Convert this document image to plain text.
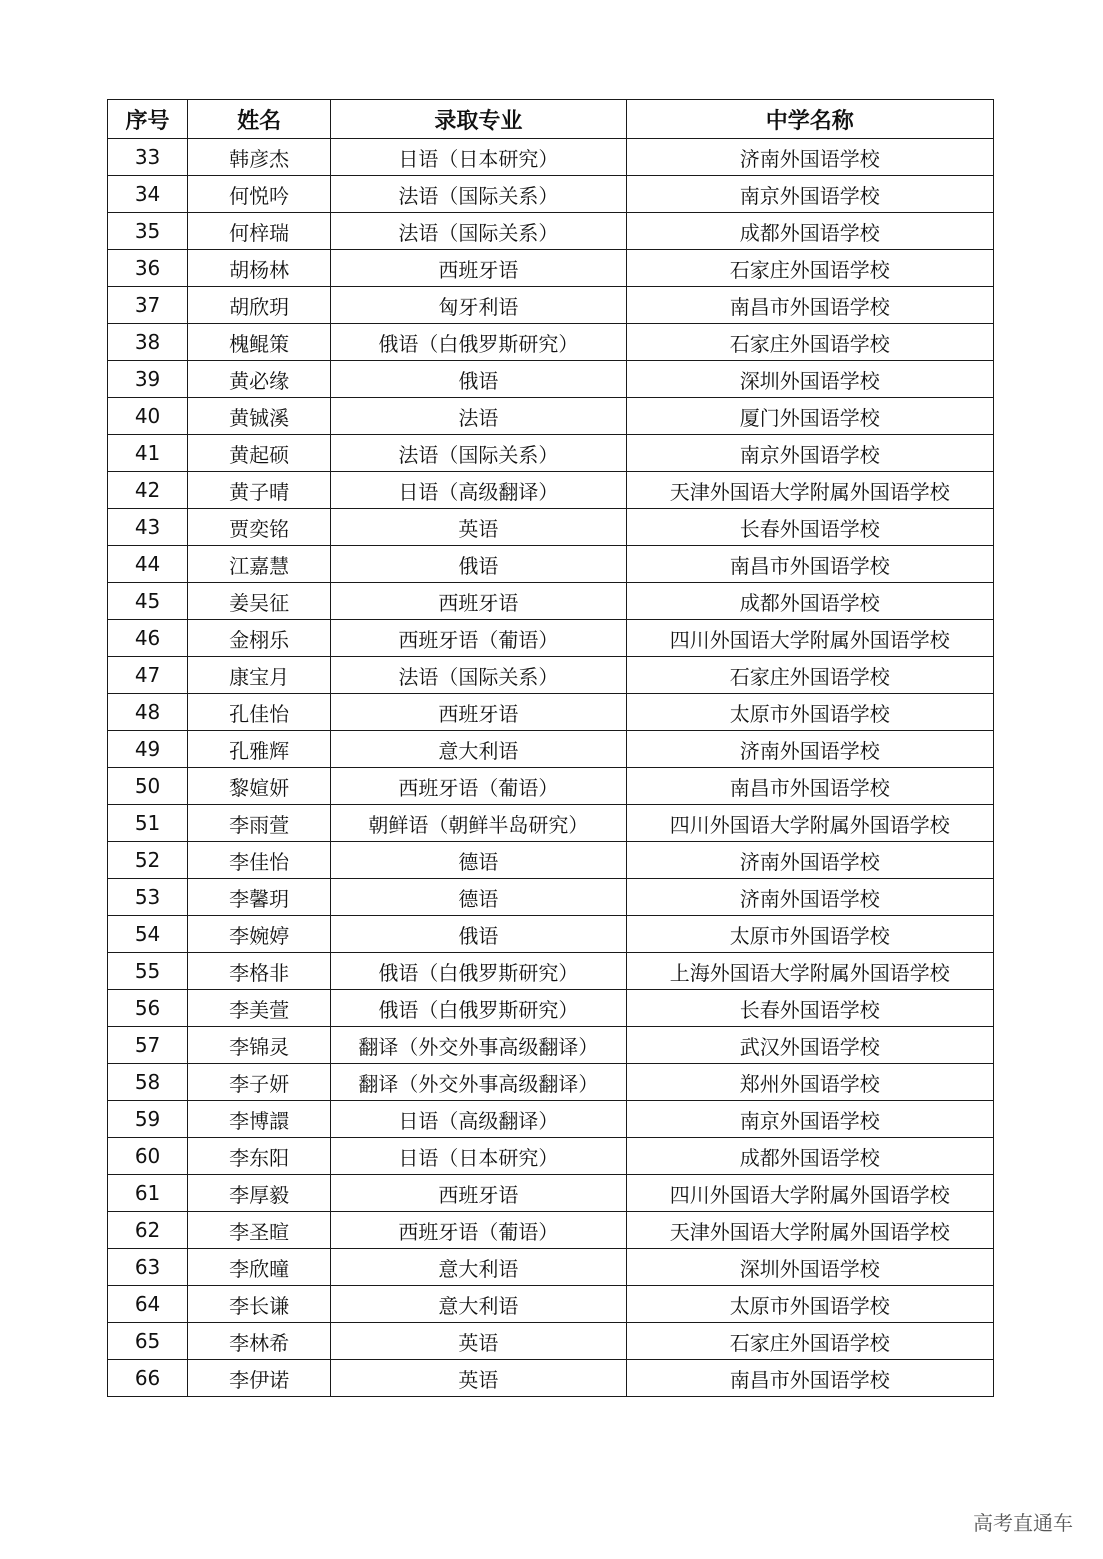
序号	姓名	录取专业	中学名称
33	韩彦杰	日语（日本研究）	济南外国语学校
34	何悦吟	法语（国际关系）	南京外国语学校
35	何梓瑞	法语（国际关系）	成都外国语学校
36	胡杨林	西班牙语	石家庄外国语学校
37	胡欣玥	匈牙利语	南昌市外国语学校
38	槐鲲策	俄语（白俄罗斯研究）	石家庄外国语学校
39	黄必缘	俄语	深圳外国语学校
40	黄铖溪	法语	厦门外国语学校
41	黄起硕	法语（国际关系）	南京外国语学校
42	黄子晴	日语（高级翻译）	天津外国语大学附属外国语学校
43	贾奕铭	英语	长春外国语学校
44	江嘉慧	俄语	南昌市外国语学校
45	姜吴征	西班牙语	成都外国语学校
46	金栩乐	西班牙语（葡语）	四川外国语大学附属外国语学校
47	康宝月	法语（国际关系）	石家庄外国语学校
48	孔佳怡	西班牙语	太原市外国语学校
49	孔雅辉	意大利语	济南外国语学校
50	黎媗妍	西班牙语（葡语）	南昌市外国语学校
51	李雨萱	朝鲜语（朝鲜半岛研究）	四川外国语大学附属外国语学校
52	李佳怡	德语	济南外国语学校
53	李馨玥	德语	济南外国语学校
54	李婉婷	俄语	太原市外国语学校
55	李格非	俄语（白俄罗斯研究）	上海外国语大学附属外国语学校
56	李美萱	俄语（白俄罗斯研究）	长春外国语学校
57	李锦灵	翻译（外交外事高级翻译）	武汉外国语学校
58	李子妍	翻译（外交外事高级翻译）	郑州外国语学校
59	李博譞	日语（高级翻译）	南京外国语学校
60	李东阳	日语（日本研究）	成都外国语学校
61	李厚毅	西班牙语	四川外国语大学附属外国语学校
62	李圣暄	西班牙语（葡语）	天津外国语大学附属外国语学校
63	李欣曈	意大利语	深圳外国语学校
64	李长谦	意大利语	太原市外国语学校
65	李林希	英语	石家庄外国语学校
66	李伊诺	英语	南昌市外国语学校
高考直通车
